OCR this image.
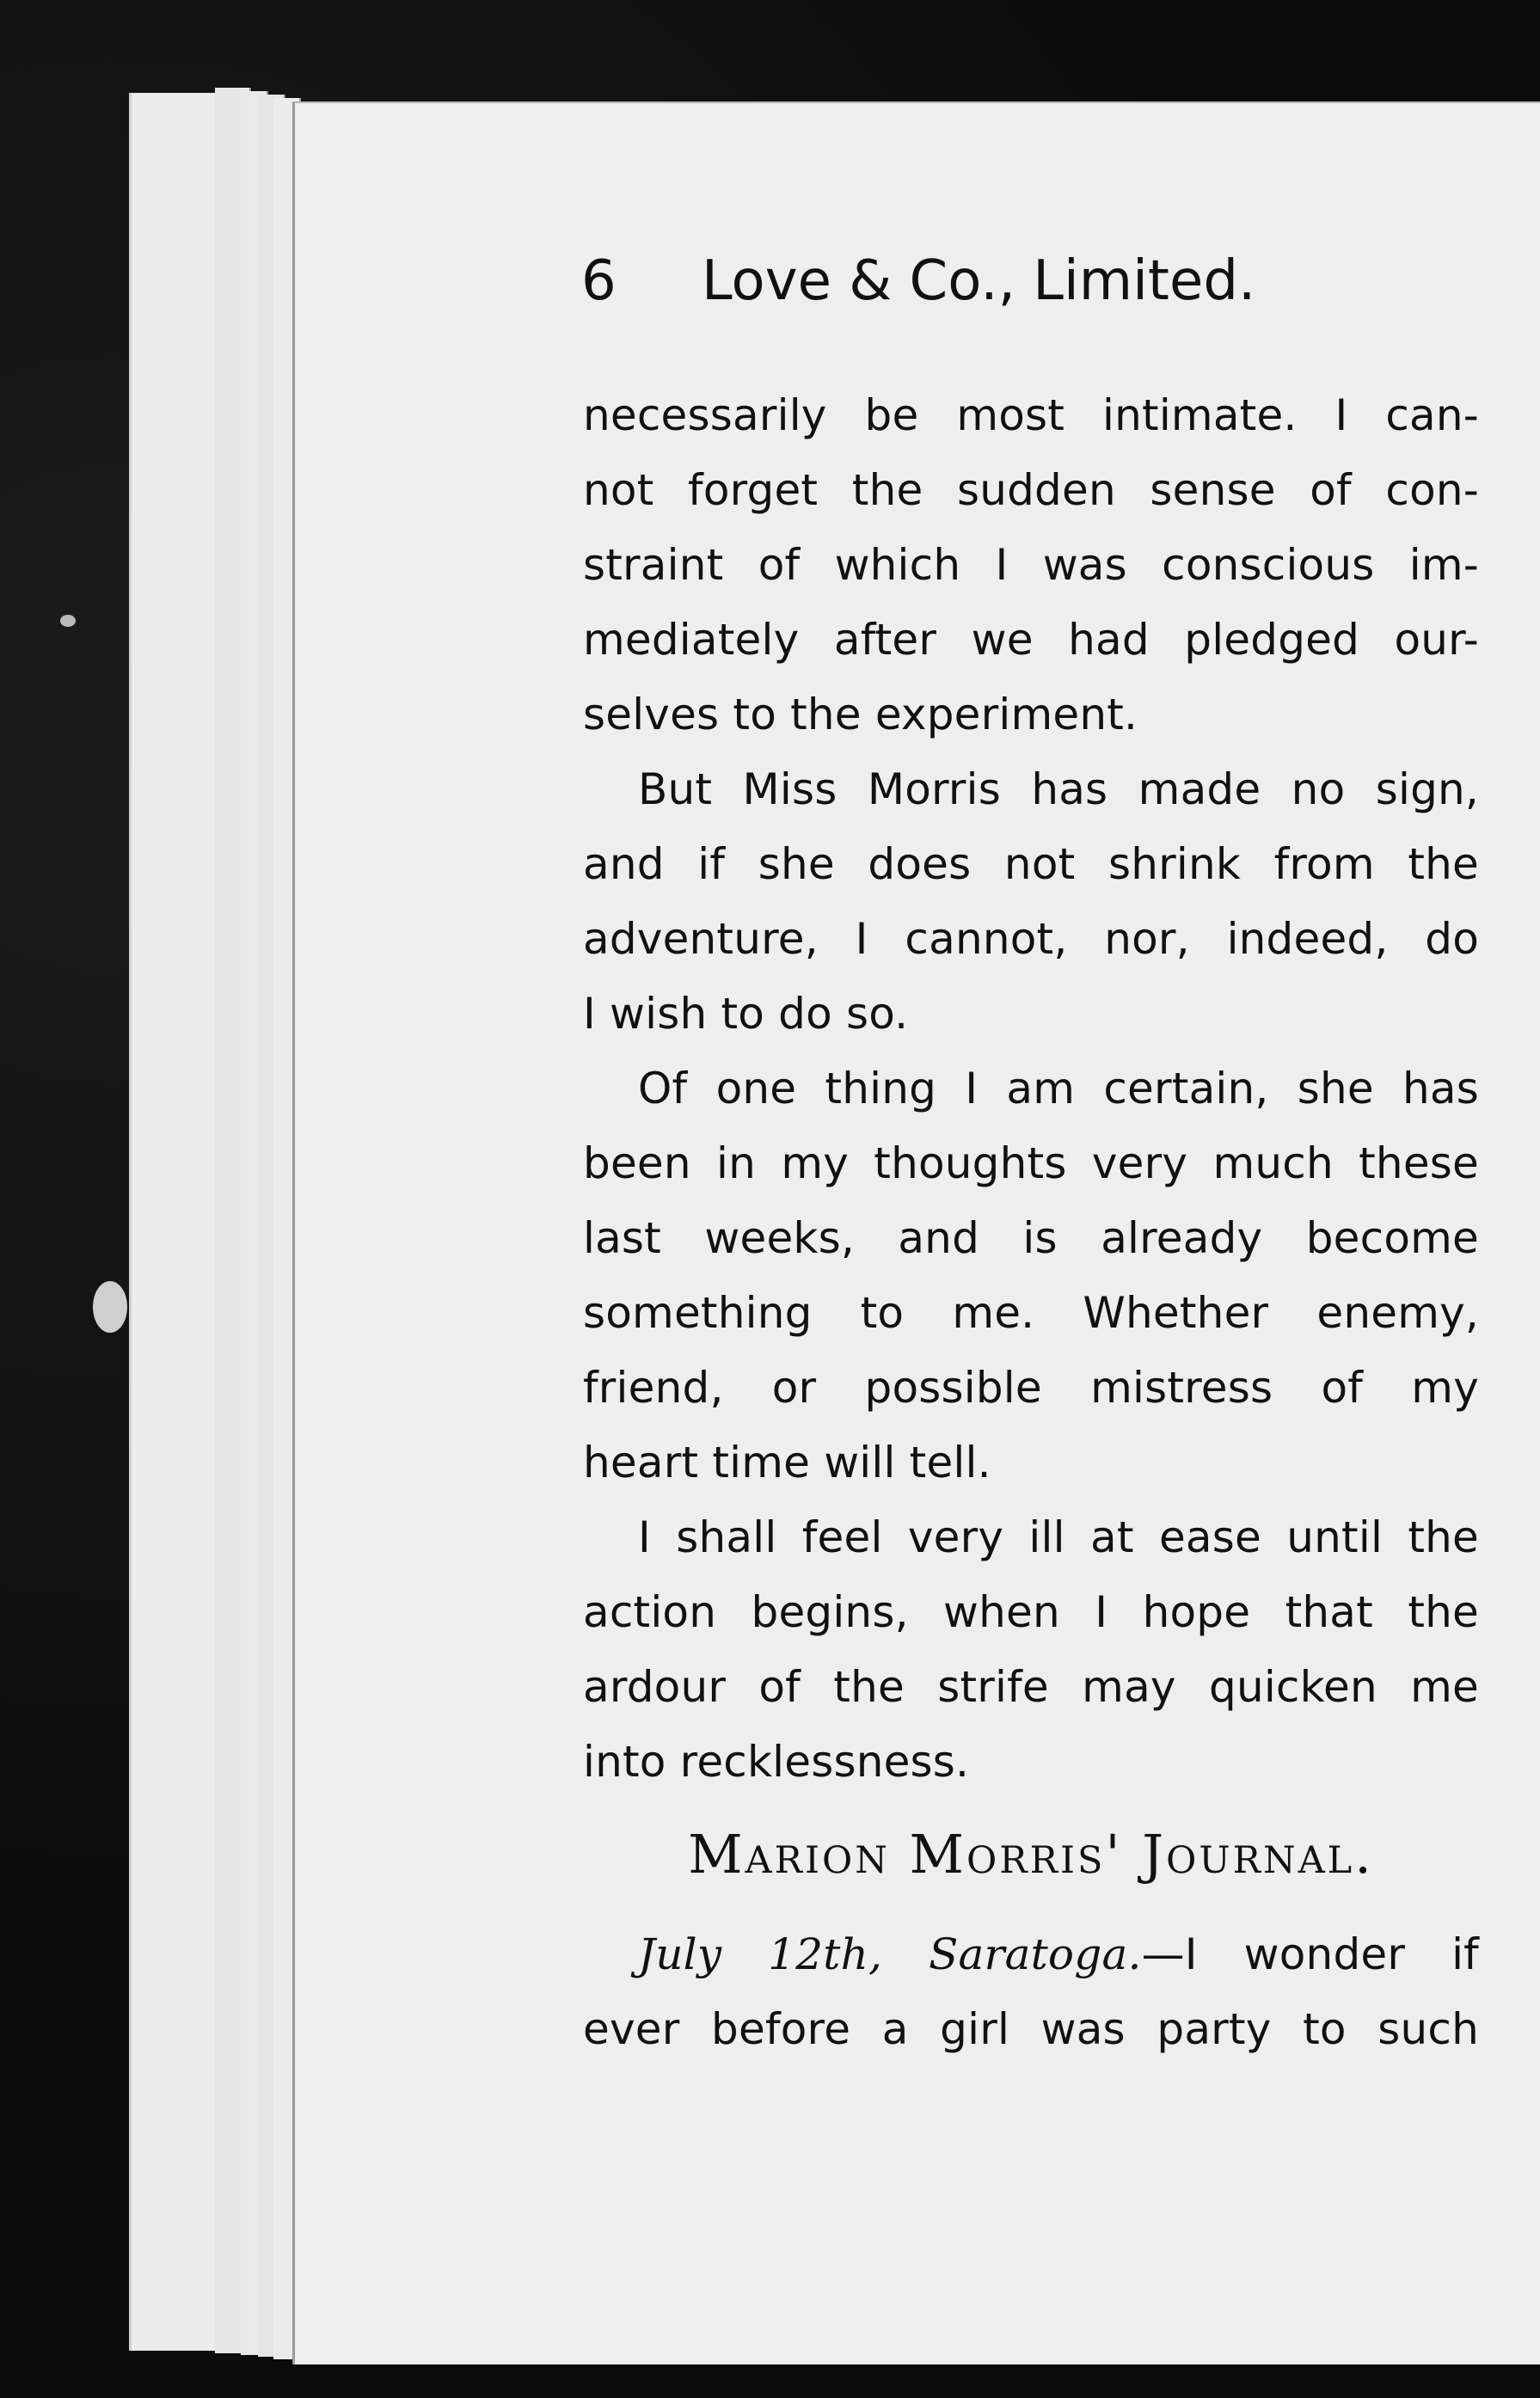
6 Love & Co., Limited.
necessarily be most intimate. I can-
not forget the sudden sense of con-
straint of which I was conscious im-
mediately after we had pledged our-
selves to the experiment.
But Miss Morris has made no sign,
and if she does not shrink from the
adventure, I cannot, nor, indeed, do
I wish to do so.
Of one thing I am certain, she has
been in my thoughts very much these
last weeks, and is already become
something to me. Whether enemy,
friend, or possible mistress of my
heart time will tell.
I shall feel very ill at ease until the
action begins, when I hope that the
ardour of the strife may quicken me
into recklessness.
Marion Morris' Journal.
July 12th, Saratoga.—I wonder if
ever before a girl was party to such
